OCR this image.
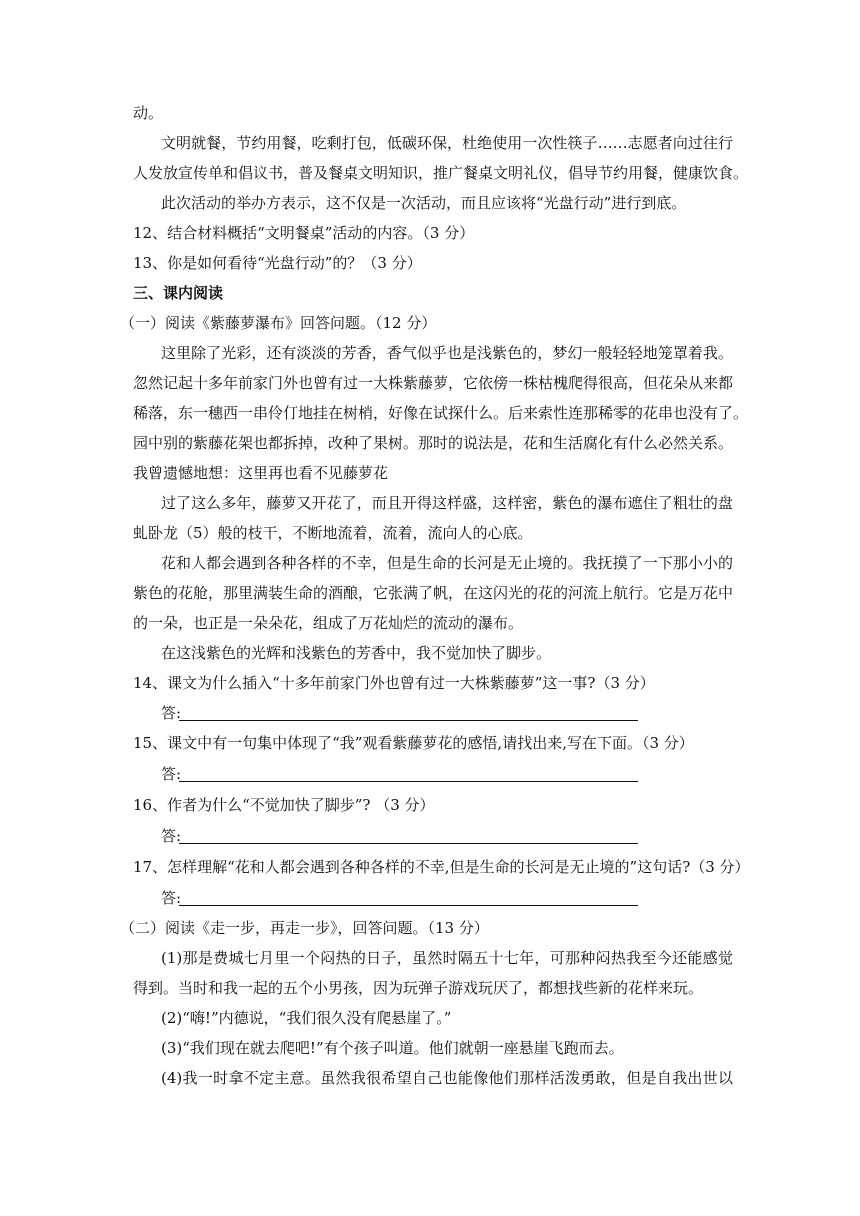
动。
文明就餐，节约用餐，吃剩打包，低碳环保，杜绝使用一次性筷子……志愿者向过往行
人发放宣传单和倡议书，普及餐桌文明知识，推广餐桌文明礼仪，倡导节约用餐，健康饮食。
此次活动的举办方表示，这不仅是一次活动，而且应该将“光盘行动”进行到底。
12、结合材料概括“文明餐桌”活动的内容。（3 分）
13、你是如何看待“光盘行动”的？（3 分）
三、课内阅读
（一）阅读《紫藤萝瀑布》回答问题。（12 分）
这里除了光彩，还有淡淡的芳香，香气似乎也是浅紫色的，梦幻一般轻轻地笼罩着我。
忽然记起十多年前家门外也曾有过一大株紫藤萝，它依傍一株枯槐爬得很高，但花朵从来都
稀落，东一穗西一串伶仃地挂在树梢，好像在试探什么。后来索性连那稀零的花串也没有了。
园中别的紫藤花架也都拆掉，改种了果树。那时的说法是，花和生活腐化有什么必然关系。
我曾遗憾地想：这里再也看不见藤萝花
过了这么多年，藤萝又开花了，而且开得这样盛，这样密，紫色的瀑布遮住了粗壮的盘
虬卧龙（5）般的枝干，不断地流着，流着，流向人的心底。
花和人都会遇到各种各样的不幸，但是生命的长河是无止境的。我抚摸了一下那小小的
紫色的花舱，那里满装生命的酒酿，它张满了帆，在这闪光的花的河流上航行。它是万花中
的一朵，也正是一朵朵花，组成了万花灿烂的流动的瀑布。
在这浅紫色的光辉和浅紫色的芳香中，我不觉加快了脚步。
14、课文为什么插入“十多年前家门外也曾有过一大株紫藤萝”这一事?（3 分）
答:
15、课文中有一句集中体现了“我”观看紫藤萝花的感悟,请找出来,写在下面。（3 分）
答:
16、作者为什么“不觉加快了脚步”? （3 分）
答:
17、怎样理解“花和人都会遇到各种各样的不幸,但是生命的长河是无止境的”这句话?（3 分）
答:
（二）阅读《走一步，再走一步》，回答问题。（13 分）
(1)那是费城七月里一个闷热的日子，虽然时隔五十七年，可那种闷热我至今还能感觉
得到。当时和我一起的五个小男孩，因为玩弹子游戏玩厌了，都想找些新的花样来玩。
(2)“嗨!”内德说，“我们很久没有爬悬崖了。”
(3)“我们现在就去爬吧!”有个孩子叫道。他们就朝一座悬崖飞跑而去。
(4)我一时拿不定主意。虽然我很希望自己也能像他们那样活泼勇敢，但是自我出世以
